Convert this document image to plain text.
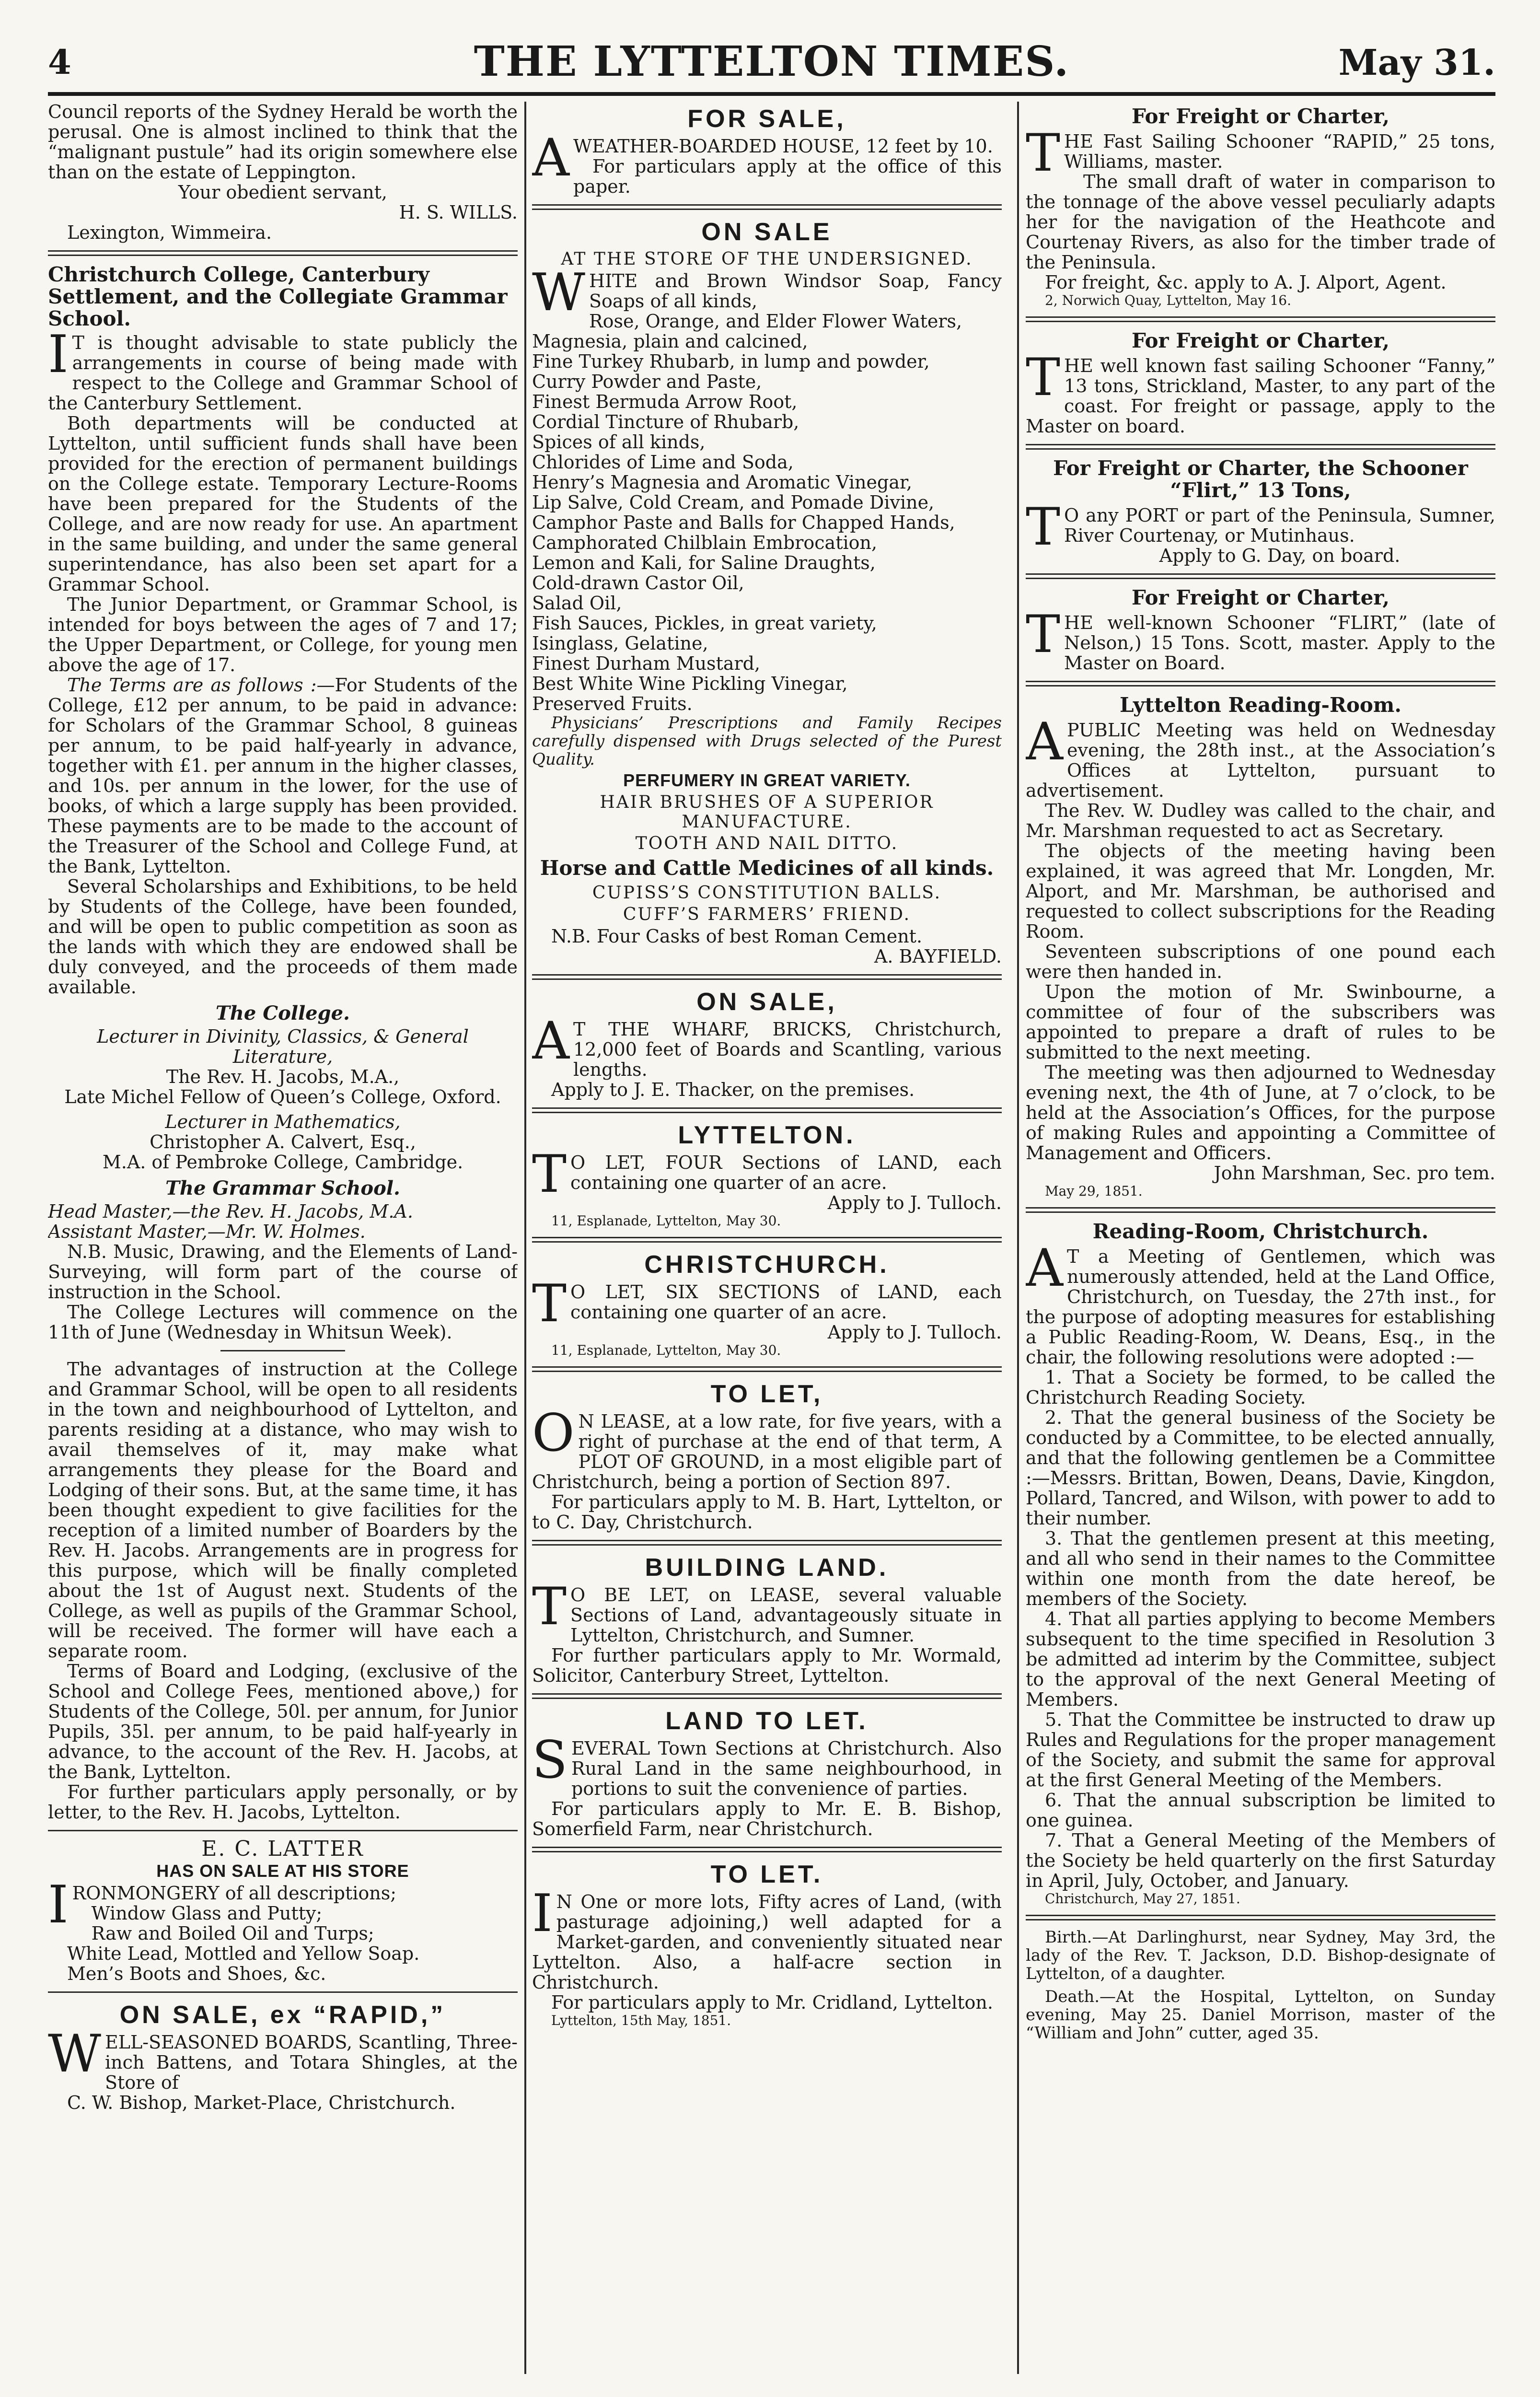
4	THE LYTTELTON TIMES.	May 31.

Council reports of the Sydney Herald be worth the perusal. One is almost inclined to think that the “malignant pustule” had its origin somewhere else than on the estate of Leppington.

Your obedient servant,

H. S. WILLS.

Lexington, Wimmeira.

Christchurch College, Canterbury Settlement, and the Collegiate Grammar School.

I T is thought advisable to state publicly the arrangements in course of being made with respect to the College and Grammar School of the Canterbury Settlement.

Both departments will be conducted at Lyttelton, until sufficient funds shall have been provided for the erection of permanent buildings on the College estate. Temporary Lecture-Rooms have been prepared for the Students of the College, and are now ready for use. An apartment in the same building, and under the same general superintendance, has also been set apart for a Grammar School.

The Junior Department, or Grammar School, is intended for boys between the ages of 7 and 17; the Upper Department, or College, for young men above the age of 17.

The Terms are as follows :—For Students of the College, £12 per annum, to be paid in advance: for Scholars of the Grammar School, 8 guineas per annum, to be paid half-yearly in advance, together with £1. per annum in the higher classes, and 10s. per annum in the lower, for the use of books, of which a large supply has been provided. These payments are to be made to the account of the Treasurer of the School and College Fund, at the Bank, Lyttelton.

Several Scholarships and Exhibitions, to be held by Students of the College, have been founded, and will be open to public competition as soon as the lands with which they are endowed shall be duly conveyed, and the proceeds of them made available.

The College.

Lecturer in Divinity, Classics, & General Literature,

The Rev. H. Jacobs, M.A.,

Late Michel Fellow of Queen’s College, Oxford.

Lecturer in Mathematics,

Christopher A. Calvert, Esq.,

M.A. of Pembroke College, Cambridge.

The Grammar School.

Head Master,—the Rev. H. Jacobs, M.A.

Assistant Master,—Mr. W. Holmes.

N.B. Music, Drawing, and the Elements of Land-Surveying, will form part of the course of instruction in the School.

The College Lectures will commence on the 11th of June (Wednesday in Whitsun Week).

The advantages of instruction at the College and Grammar School, will be open to all residents in the town and neighbourhood of Lyttelton, and parents residing at a distance, who may wish to avail themselves of it, may make what arrangements they please for the Board and Lodging of their sons. But, at the same time, it has been thought expedient to give facilities for the reception of a limited number of Boarders by the Rev. H. Jacobs. Arrangements are in progress for this purpose, which will be finally completed about the 1st of August next. Students of the College, as well as pupils of the Grammar School, will be received. The former will have each a separate room.

Terms of Board and Lodging, (exclusive of the School and College Fees, mentioned above,) for Students of the College, 50l. per annum, for Junior Pupils, 35l. per annum, to be paid half-yearly in advance, to the account of the Rev. H. Jacobs, at the Bank, Lyttelton.

For further particulars apply personally, or by letter, to the Rev. H. Jacobs, Lyttelton.

E. C. LATTER

HAS ON SALE AT HIS STORE

IRONMONGERY of all descriptions;

Window Glass and Putty;

Raw and Boiled Oil and Turps;

White Lead, Mottled and Yellow Soap.

Men’s Boots and Shoes, &c.

ON SALE, ex “RAPID,”

WELL-SEASONED BOARDS, Scantling, Three-inch Battens, and Totara Shingles, at the Store of

C. W. Bishop, Market-Place, Christchurch.

FOR SALE,

AWEATHER-BOARDED HOUSE, 12 feet by 10.

For particulars apply at the office of this paper.

ON SALE
AT THE STORE OF THE UNDERSIGNED.

WHITE and Brown Windsor Soap, Fancy Soaps of all kinds,

Rose, Orange, and Elder Flower Waters,

Magnesia, plain and calcined,

Fine Turkey Rhubarb, in lump and powder,

Curry Powder and Paste,

Finest Bermuda Arrow Root,

Cordial Tincture of Rhubarb,

Spices of all kinds,

Chlorides of Lime and Soda,

Henry’s Magnesia and Aromatic Vinegar,

Lip Salve, Cold Cream, and Pomade Divine,

Camphor Paste and Balls for Chapped Hands,

Camphorated Chilblain Embrocation,

Lemon and Kali, for Saline Draughts,

Cold-drawn Castor Oil,

Salad Oil,

Fish Sauces, Pickles, in great variety,

Isinglass, Gelatine,

Finest Durham Mustard,

Best White Wine Pickling Vinegar,

Preserved Fruits.

Physicians’ Prescriptions and Family Recipes carefully dispensed with Drugs selected of the Purest Quality.

PERFUMERY IN GREAT VARIETY.
HAIR BRUSHES OF A SUPERIOR MANUFACTURE.
TOOTH AND NAIL DITTO.
Horse and Cattle Medicines of all kinds.
CUPISS’S CONSTITUTION BALLS.
CUFF’S FARMERS’ FRIEND.

N.B. Four Casks of best Roman Cement.

A. BAYFIELD.

ON SALE,

A T THE WHARF, BRICKS, Christchurch, 12,000 feet of Boards and Scantling, various lengths.

Apply to J. E. Thacker, on the premises.

LYTTELTON.

T O LET, FOUR Sections of LAND, each containing one quarter of an acre.

Apply to J. Tulloch.

11, Esplanade, Lyttelton, May 30.

CHRISTCHURCH.

T O LET, SIX SECTIONS of LAND, each containing one quarter of an acre.

Apply to J. Tulloch.

11, Esplanade, Lyttelton, May 30.

TO LET,

O N LEASE, at a low rate, for five years, with a right of purchase at the end of that term, A PLOT OF GROUND, in a most eligible part of Christchurch, being a portion of Section 897.

For particulars apply to M. B. Hart, Lyttelton, or to C. Day, Christchurch.

BUILDING LAND.

T O BE LET, on LEASE, several valuable Sections of Land, advantageously situate in Lyttelton, Christchurch, and Sumner.

For further particulars apply to Mr. Wormald, Solicitor, Canterbury Street, Lyttelton.

LAND TO LET.

SEVERAL Town Sections at Christchurch. Also Rural Land in the same neighbourhood, in portions to suit the convenience of parties.

For particulars apply to Mr. E. B. Bishop, Somerfield Farm, near Christchurch.

TO LET.

I N One or more lots, Fifty acres of Land, (with pasturage adjoining,) well adapted for a Market-garden, and conveniently situated near Lyttelton. Also, a half-acre section in Christchurch.

For particulars apply to Mr. Cridland, Lyttelton.

Lyttelton, 15th May, 1851.

For Freight or Charter,

THE Fast Sailing Schooner “RAPID,” 25 tons, Williams, master.

The small draft of water in comparison to the tonnage of the above vessel peculiarly adapts her for the navigation of the Heathcote and Courtenay Rivers, as also for the timber trade of the Peninsula.

For freight, &c. apply to A. J. Alport, Agent.

2, Norwich Quay, Lyttelton, May 16.

For Freight or Charter,

THE well known fast sailing Schooner “Fanny,” 13 tons, Strickland, Master, to any part of the coast. For freight or passage, apply to the Master on board.

For Freight or Charter, the Schooner “Flirt,” 13 Tons,

T O any PORT or part of the Peninsula, Sumner, River Courtenay, or Mutinhaus.

Apply to G. Day, on board.

For Freight or Charter,

THE well-known Schooner “FLIRT,” (late of Nelson,) 15 Tons. Scott, master. Apply to the Master on Board.

Lyttelton Reading-Room.

A PUBLIC Meeting was held on Wednesday evening, the 28th inst., at the Association’s Offices at Lyttelton, pursuant to advertisement.

The Rev. W. Dudley was called to the chair, and Mr. Marshman requested to act as Secretary.

The objects of the meeting having been explained, it was agreed that Mr. Longden, Mr. Alport, and Mr. Marshman, be authorised and requested to collect subscriptions for the Reading Room.

Seventeen subscriptions of one pound each were then handed in.

Upon the motion of Mr. Swinbourne, a committee of four of the subscribers was appointed to prepare a draft of rules to be submitted to the next meeting.

The meeting was then adjourned to Wednesday evening next, the 4th of June, at 7 o’clock, to be held at the Association’s Offices, for the purpose of making Rules and appointing a Committee of Management and Officers.

John Marshman, Sec. pro tem.

May 29, 1851.

Reading-Room, Christchurch.

A T a Meeting of Gentlemen, which was numerously attended, held at the Land Office, Christchurch, on Tuesday, the 27th inst., for the purpose of adopting measures for establishing a Public Reading-Room, W. Deans, Esq., in the chair, the following resolutions were adopted :—

1. That a Society be formed, to be called the Christchurch Reading Society.

2. That the general business of the Society be conducted by a Committee, to be elected annually, and that the following gentlemen be a Committee :—Messrs. Brittan, Bowen, Deans, Davie, Kingdon, Pollard, Tancred, and Wilson, with power to add to their number.

3. That the gentlemen present at this meeting, and all who send in their names to the Committee within one month from the date hereof, be members of the Society.

4. That all parties applying to become Members subsequent to the time specified in Resolution 3 be admitted ad interim by the Committee, subject to the approval of the next General Meeting of Members.

5. That the Committee be instructed to draw up Rules and Regulations for the proper management of the Society, and submit the same for approval at the first General Meeting of the Members.

6. That the annual subscription be limited to one guinea.

7. That a General Meeting of the Members of the Society be held quarterly on the first Saturday in April, July, October, and January.

Christchurch, May 27, 1851.

Birth.—At Darlinghurst, near Sydney, May 3rd, the lady of the Rev. T. Jackson, D.D. Bishop-designate of Lyttelton, of a daughter.

Death.—At the Hospital, Lyttelton, on Sunday evening, May 25. Daniel Morrison, master of the “William and John” cutter, aged 35.
